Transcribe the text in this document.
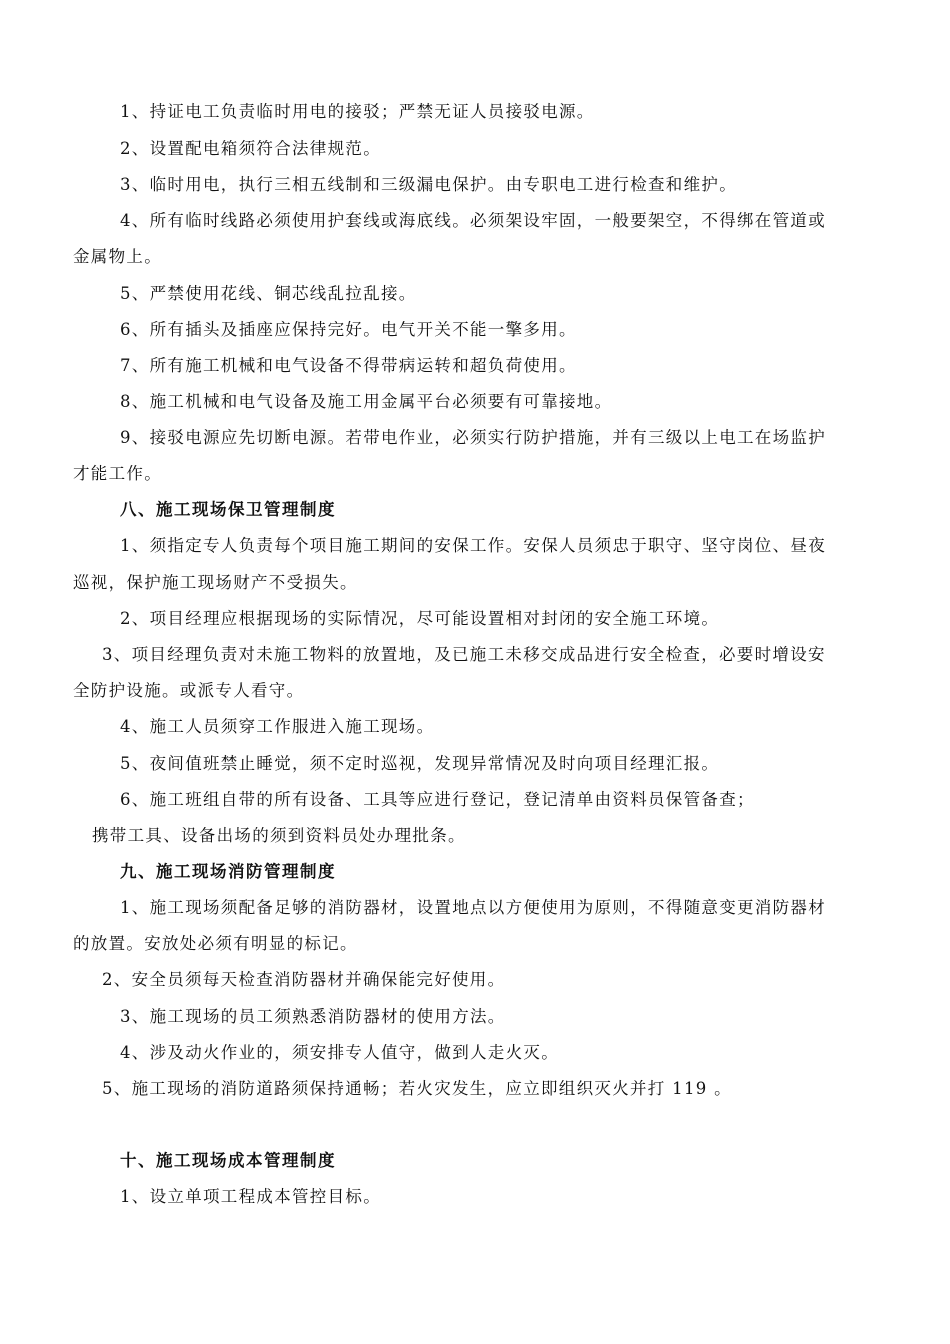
1、持证电工负责临时用电的接驳；严禁无证人员接驳电源。
2、设置配电箱须符合法律规范。
3、临时用电，执行三相五线制和三级漏电保护。由专职电工进行检查和维护。
4、所有临时线路必须使用护套线或海底线。必须架设牢固，一般要架空，不得绑在管道或
金属物上。
5、严禁使用花线、铜芯线乱拉乱接。
6、所有插头及插座应保持完好。电气开关不能一擎多用。
7、所有施工机械和电气设备不得带病运转和超负荷使用。
8、施工机械和电气设备及施工用金属平台必须要有可靠接地。
9、接驳电源应先切断电源。若带电作业，必须实行防护措施，并有三级以上电工在场监护
才能工作。
八、施工现场保卫管理制度
1、须指定专人负责每个项目施工期间的安保工作。安保人员须忠于职守、坚守岗位、昼夜
巡视，保护施工现场财产不受损失。
2、项目经理应根据现场的实际情况，尽可能设置相对封闭的安全施工环境。
3、项目经理负责对未施工物料的放置地，及已施工未移交成品进行安全检查，必要时增设安
全防护设施。或派专人看守。
4、施工人员须穿工作服进入施工现场。
5、夜间值班禁止睡觉，须不定时巡视，发现异常情况及时向项目经理汇报。
6、施工班组自带的所有设备、工具等应进行登记，登记清单由资料员保管备查；
携带工具、设备出场的须到资料员处办理批条。
九、施工现场消防管理制度
1、施工现场须配备足够的消防器材，设置地点以方便使用为原则，不得随意变更消防器材
的放置。安放处必须有明显的标记。
2、安全员须每天检查消防器材并确保能完好使用。
3、施工现场的员工须熟悉消防器材的使用方法。
4、涉及动火作业的，须安排专人值守，做到人走火灭。
5、施工现场的消防道路须保持通畅；若火灾发生，应立即组织灭火并打 119 。
十、施工现场成本管理制度
1、设立单项工程成本管控目标。
